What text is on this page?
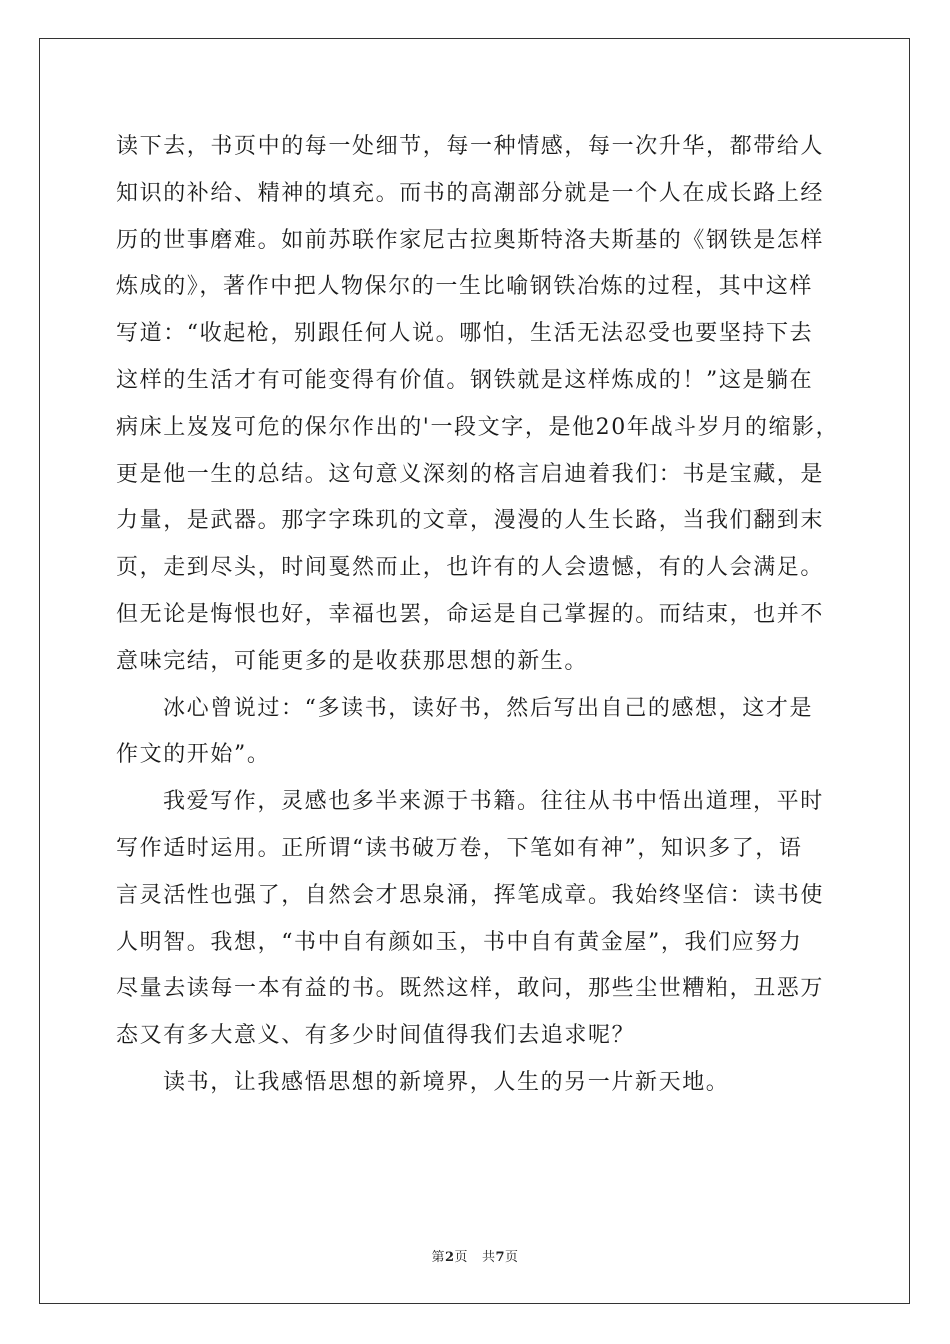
读下去，书页中的每一处细节，每一种情感，每一次升华，都带给人
知识的补给、精神的填充。而书的高潮部分就是一个人在成长路上经
历的世事磨难。如前苏联作家尼古拉奥斯特洛夫斯基的《钢铁是怎样
炼成的》，著作中把人物保尔的一生比喻钢铁冶炼的过程，其中这样
写道：“收起枪，别跟任何人说。哪怕，生活无法忍受也要坚持下去
这样的生活才有可能变得有价值。钢铁就是这样炼成的！”这是躺在
病床上岌岌可危的保尔作出的'一段文字，是他20年战斗岁月的缩影，
更是他一生的总结。这句意义深刻的格言启迪着我们：书是宝藏，是
力量，是武器。那字字珠玑的文章，漫漫的人生长路，当我们翻到末
页，走到尽头，时间戛然而止，也许有的人会遗憾，有的人会满足。
但无论是悔恨也好，幸福也罢，命运是自己掌握的。而结束，也并不
意味完结，可能更多的是收获那思想的新生。
冰心曾说过：“多读书，读好书，然后写出自己的感想，这才是
作文的开始”。
我爱写作，灵感也多半来源于书籍。往往从书中悟出道理，平时
写作适时运用。正所谓“读书破万卷，下笔如有神”，知识多了，语
言灵活性也强了，自然会才思泉涌，挥笔成章。我始终坚信：读书使
人明智。我想，“书中自有颜如玉，书中自有黄金屋”，我们应努力
尽量去读每一本有益的书。既然这样，敢问，那些尘世糟粕，丑恶万
态又有多大意义、有多少时间值得我们去追求呢？
读书，让我感悟思想的新境界，人生的另一片新天地。
第2页 共7页
